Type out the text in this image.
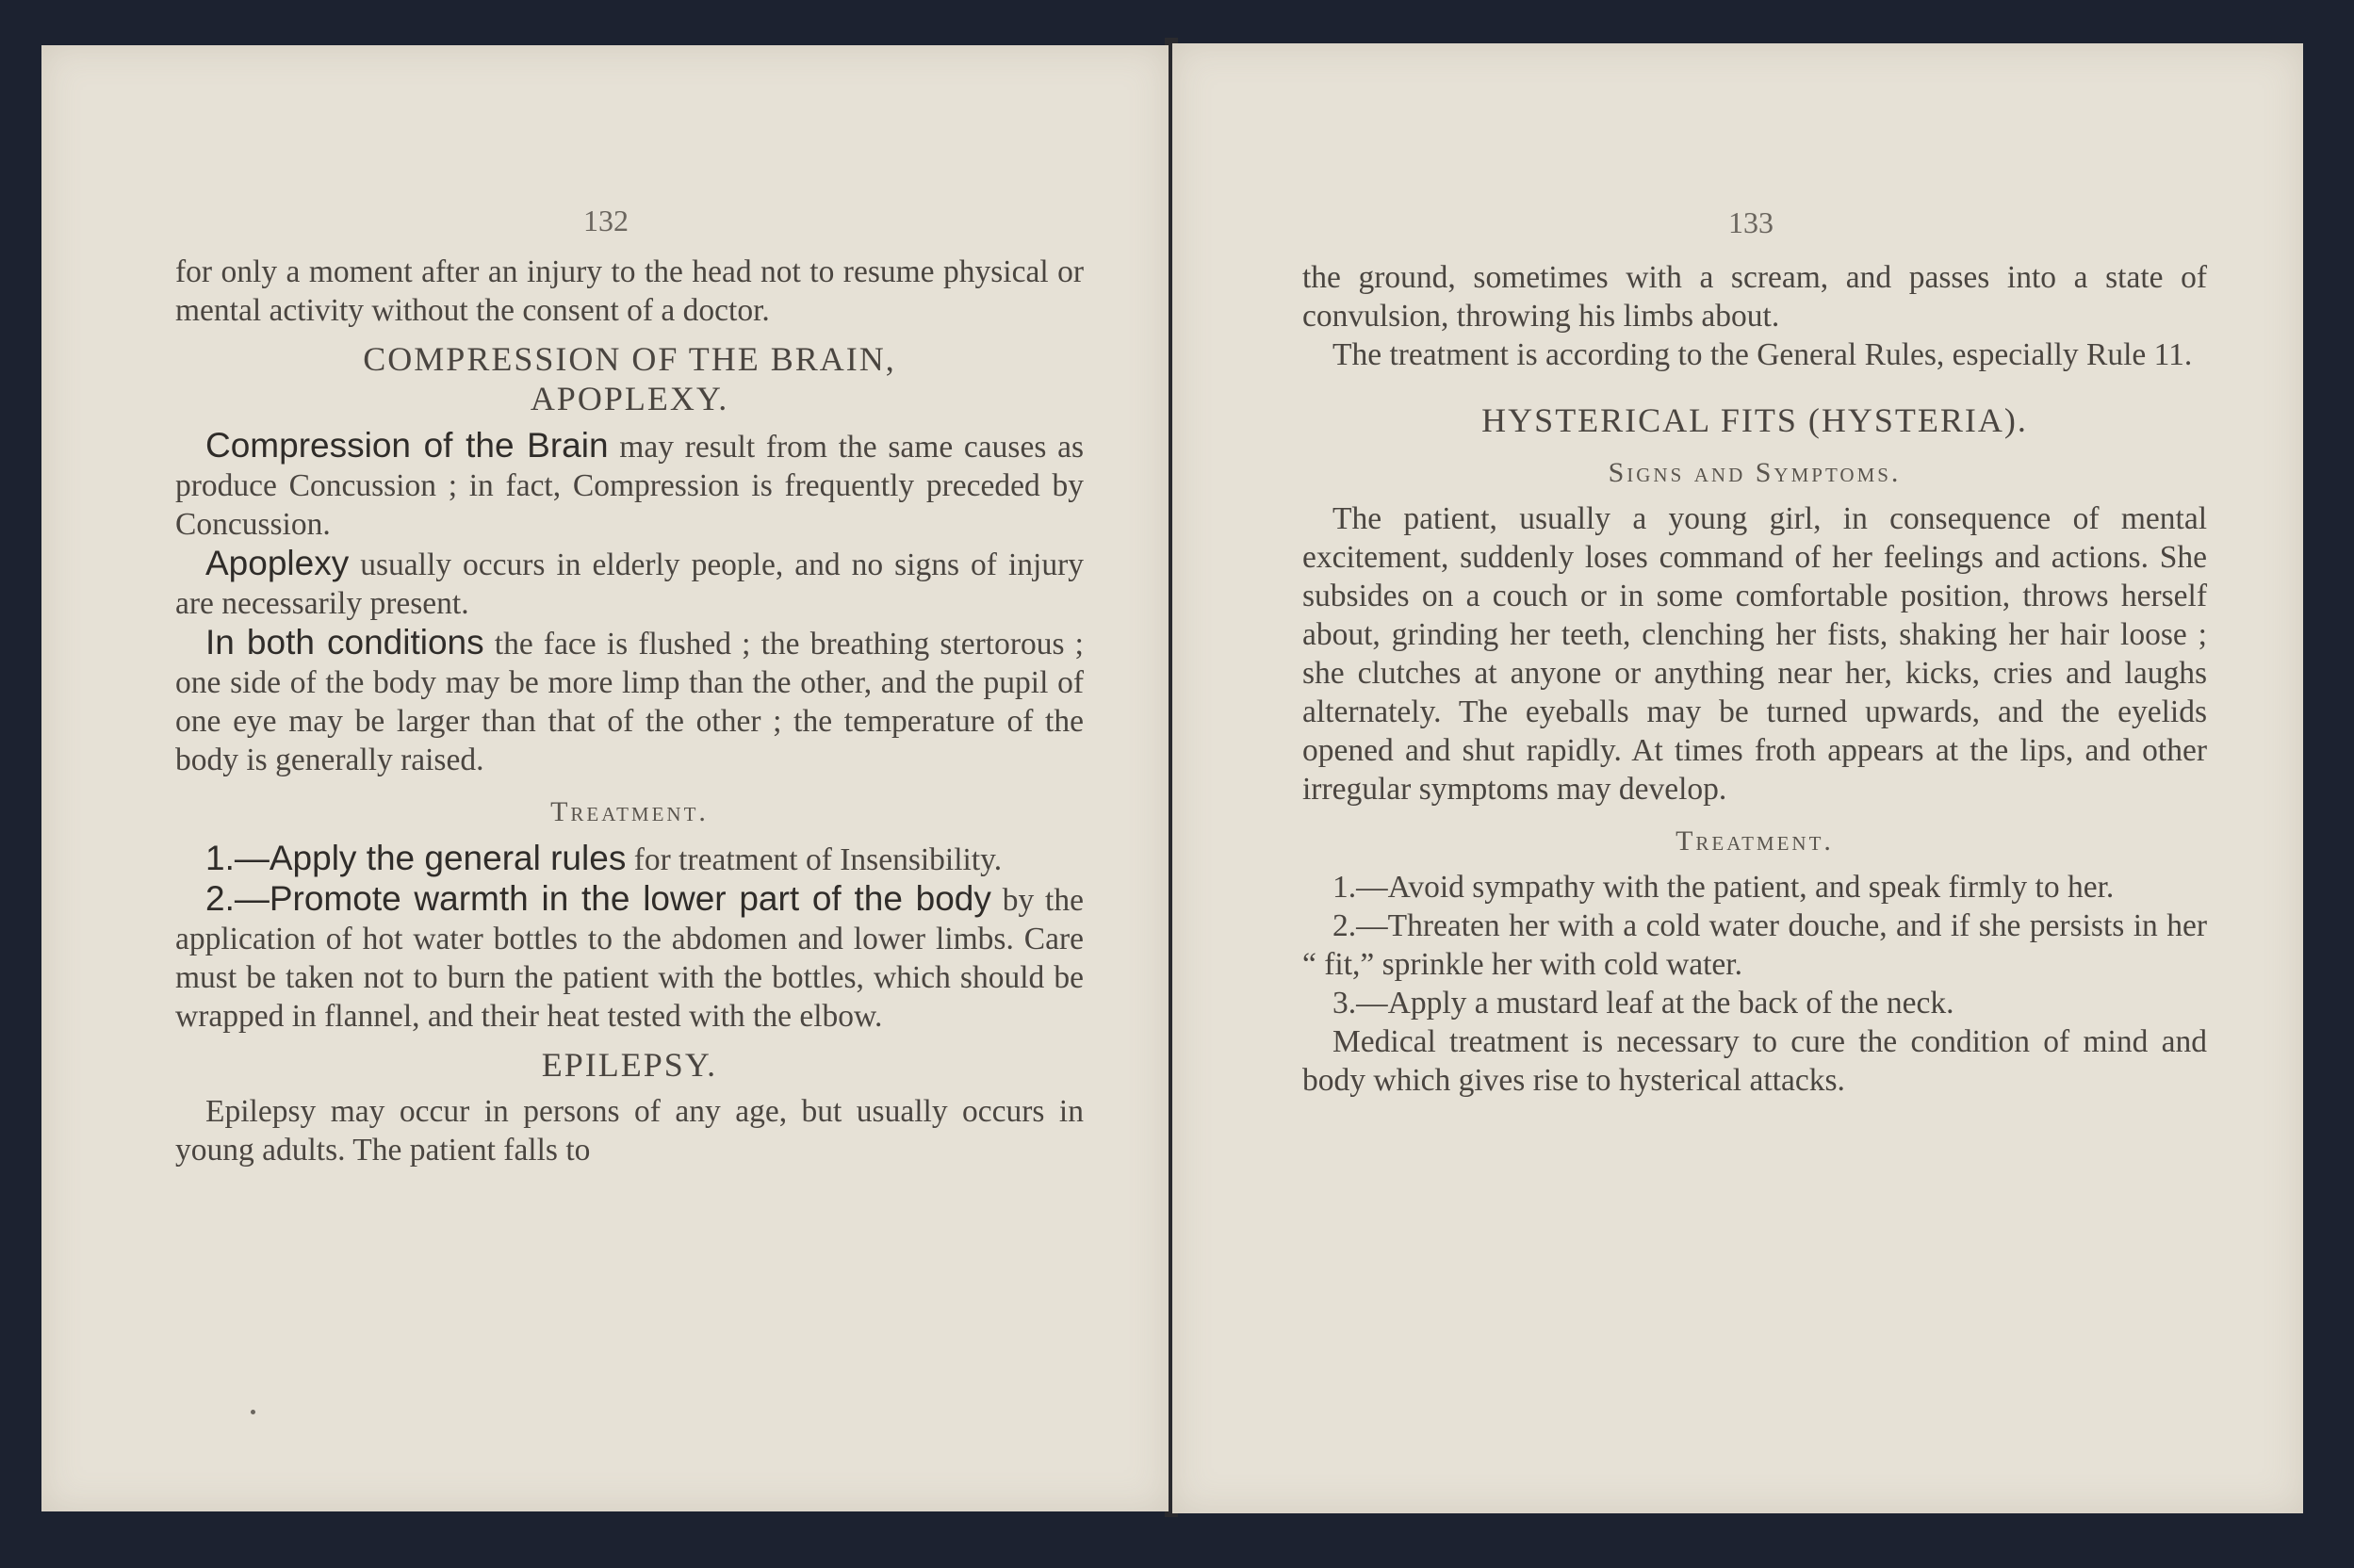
132

for only a moment after an injury to the head not to resume physical or mental activity without the consent of a doctor.

COMPRESSION OF THE BRAIN,
APOPLEXY.

Compression of the Brain may result from the same causes as produce Concussion ; in fact, Compression is frequently preceded by Concussion.

Apoplexy usually occurs in elderly people, and no signs of injury are necessarily present.

In both conditions the face is flushed ; the breathing stertorous ; one side of the body may be more limp than the other, and the pupil of one eye may be larger than that of the other ; the temperature of the body is generally raised.

Treatment.

1.—Apply the general rules for treatment of Insensibility.

2.—Promote warmth in the lower part of the body by the application of hot water bottles to the abdomen and lower limbs. Care must be taken not to burn the patient with the bottles, which should be wrapped in flannel, and their heat tested with the elbow.

EPILEPSY.

Epilepsy may occur in persons of any age, but usually occurs in young adults. The patient falls to

133

the ground, sometimes with a scream, and passes into a state of convulsion, throwing his limbs about.

The treatment is according to the General Rules, especially Rule 11.

HYSTERICAL FITS (HYSTERIA).
Signs and Symptoms.

The patient, usually a young girl, in consequence of mental excitement, suddenly loses command of her feelings and actions. She subsides on a couch or in some comfortable position, throws herself about, grinding her teeth, clenching her fists, shaking her hair loose ; she clutches at anyone or anything near her, kicks, cries and laughs alternately. The eyeballs may be turned upwards, and the eyelids opened and shut rapidly. At times froth appears at the lips, and other irregular symptoms may develop.

Treatment.

1.—Avoid sympathy with the patient, and speak firmly to her.

2.—Threaten her with a cold water douche, and if she persists in her “ fit,” sprinkle her with cold water.

3.—Apply a mustard leaf at the back of the neck.

Medical treatment is necessary to cure the condition of mind and body which gives rise to hysterical attacks.
